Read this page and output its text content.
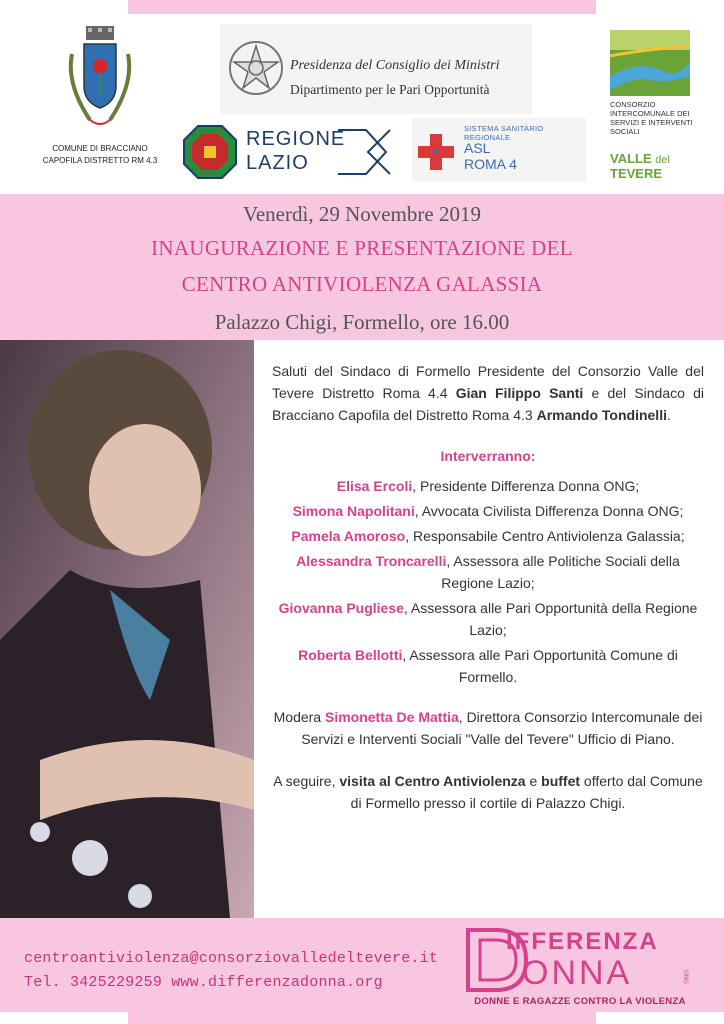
COMUNE DI BRACCIANO
CAPOFILA DISTRETTO RM 4.3
Presidenza del Consiglio dei Ministri
Dipartimento per le Pari Opportunità
REGIONE
LAZIO
SISTEMA SANITARIO REGIONALE
ASL
ROMA 4
CONSORZIO INTERCOMUNALE DEI SERVIZI E INTERVENTI SOCIALI
VALLE del
TEVERE
Venerdì, 29 Novembre 2019
INAUGURAZIONE E PRESENTAZIONE DEL
CENTRO ANTIVIOLENZA GALASSIA
Palazzo Chigi, Formello, ore 16.00

Saluti del Sindaco di Formello Presidente del Consorzio Valle del Tevere Distretto Roma 4.4 Gian Filippo Santi e del Sindaco di Bracciano Capofila del Distretto Roma 4.3 Armando Tondinelli.

Interverranno:
Elisa Ercoli, Presidente Differenza Donna ONG;
Simona Napolitani, Avvocata Civilista Differenza Donna ONG;
Pamela Amoroso, Responsabile Centro Antiviolenza Galassia;
Alessandra Troncarelli, Assessora alle Politiche Sociali della Regione Lazio;
Giovanna Pugliese, Assessora alle Pari Opportunità della Regione Lazio;
Roberta Bellotti, Assessora alle Pari Opportunità Comune di Formello.

Modera Simonetta De Mattia, Direttora Consorzio Intercomunale dei Servizi e Interventi Sociali "Valle del Tevere" Ufficio di Piano.

A seguire, visita al Centro Antiviolenza e buffet offerto dal Comune di Formello presso il cortile di Palazzo Chigi.

centroantiviolenza@consorziovalledeltevere.it
Tel. 3425229259 www.differenzadonna.org
IFFERENZA
ONNA	ONG
DONNE E RAGAZZE CONTRO LA VIOLENZA
